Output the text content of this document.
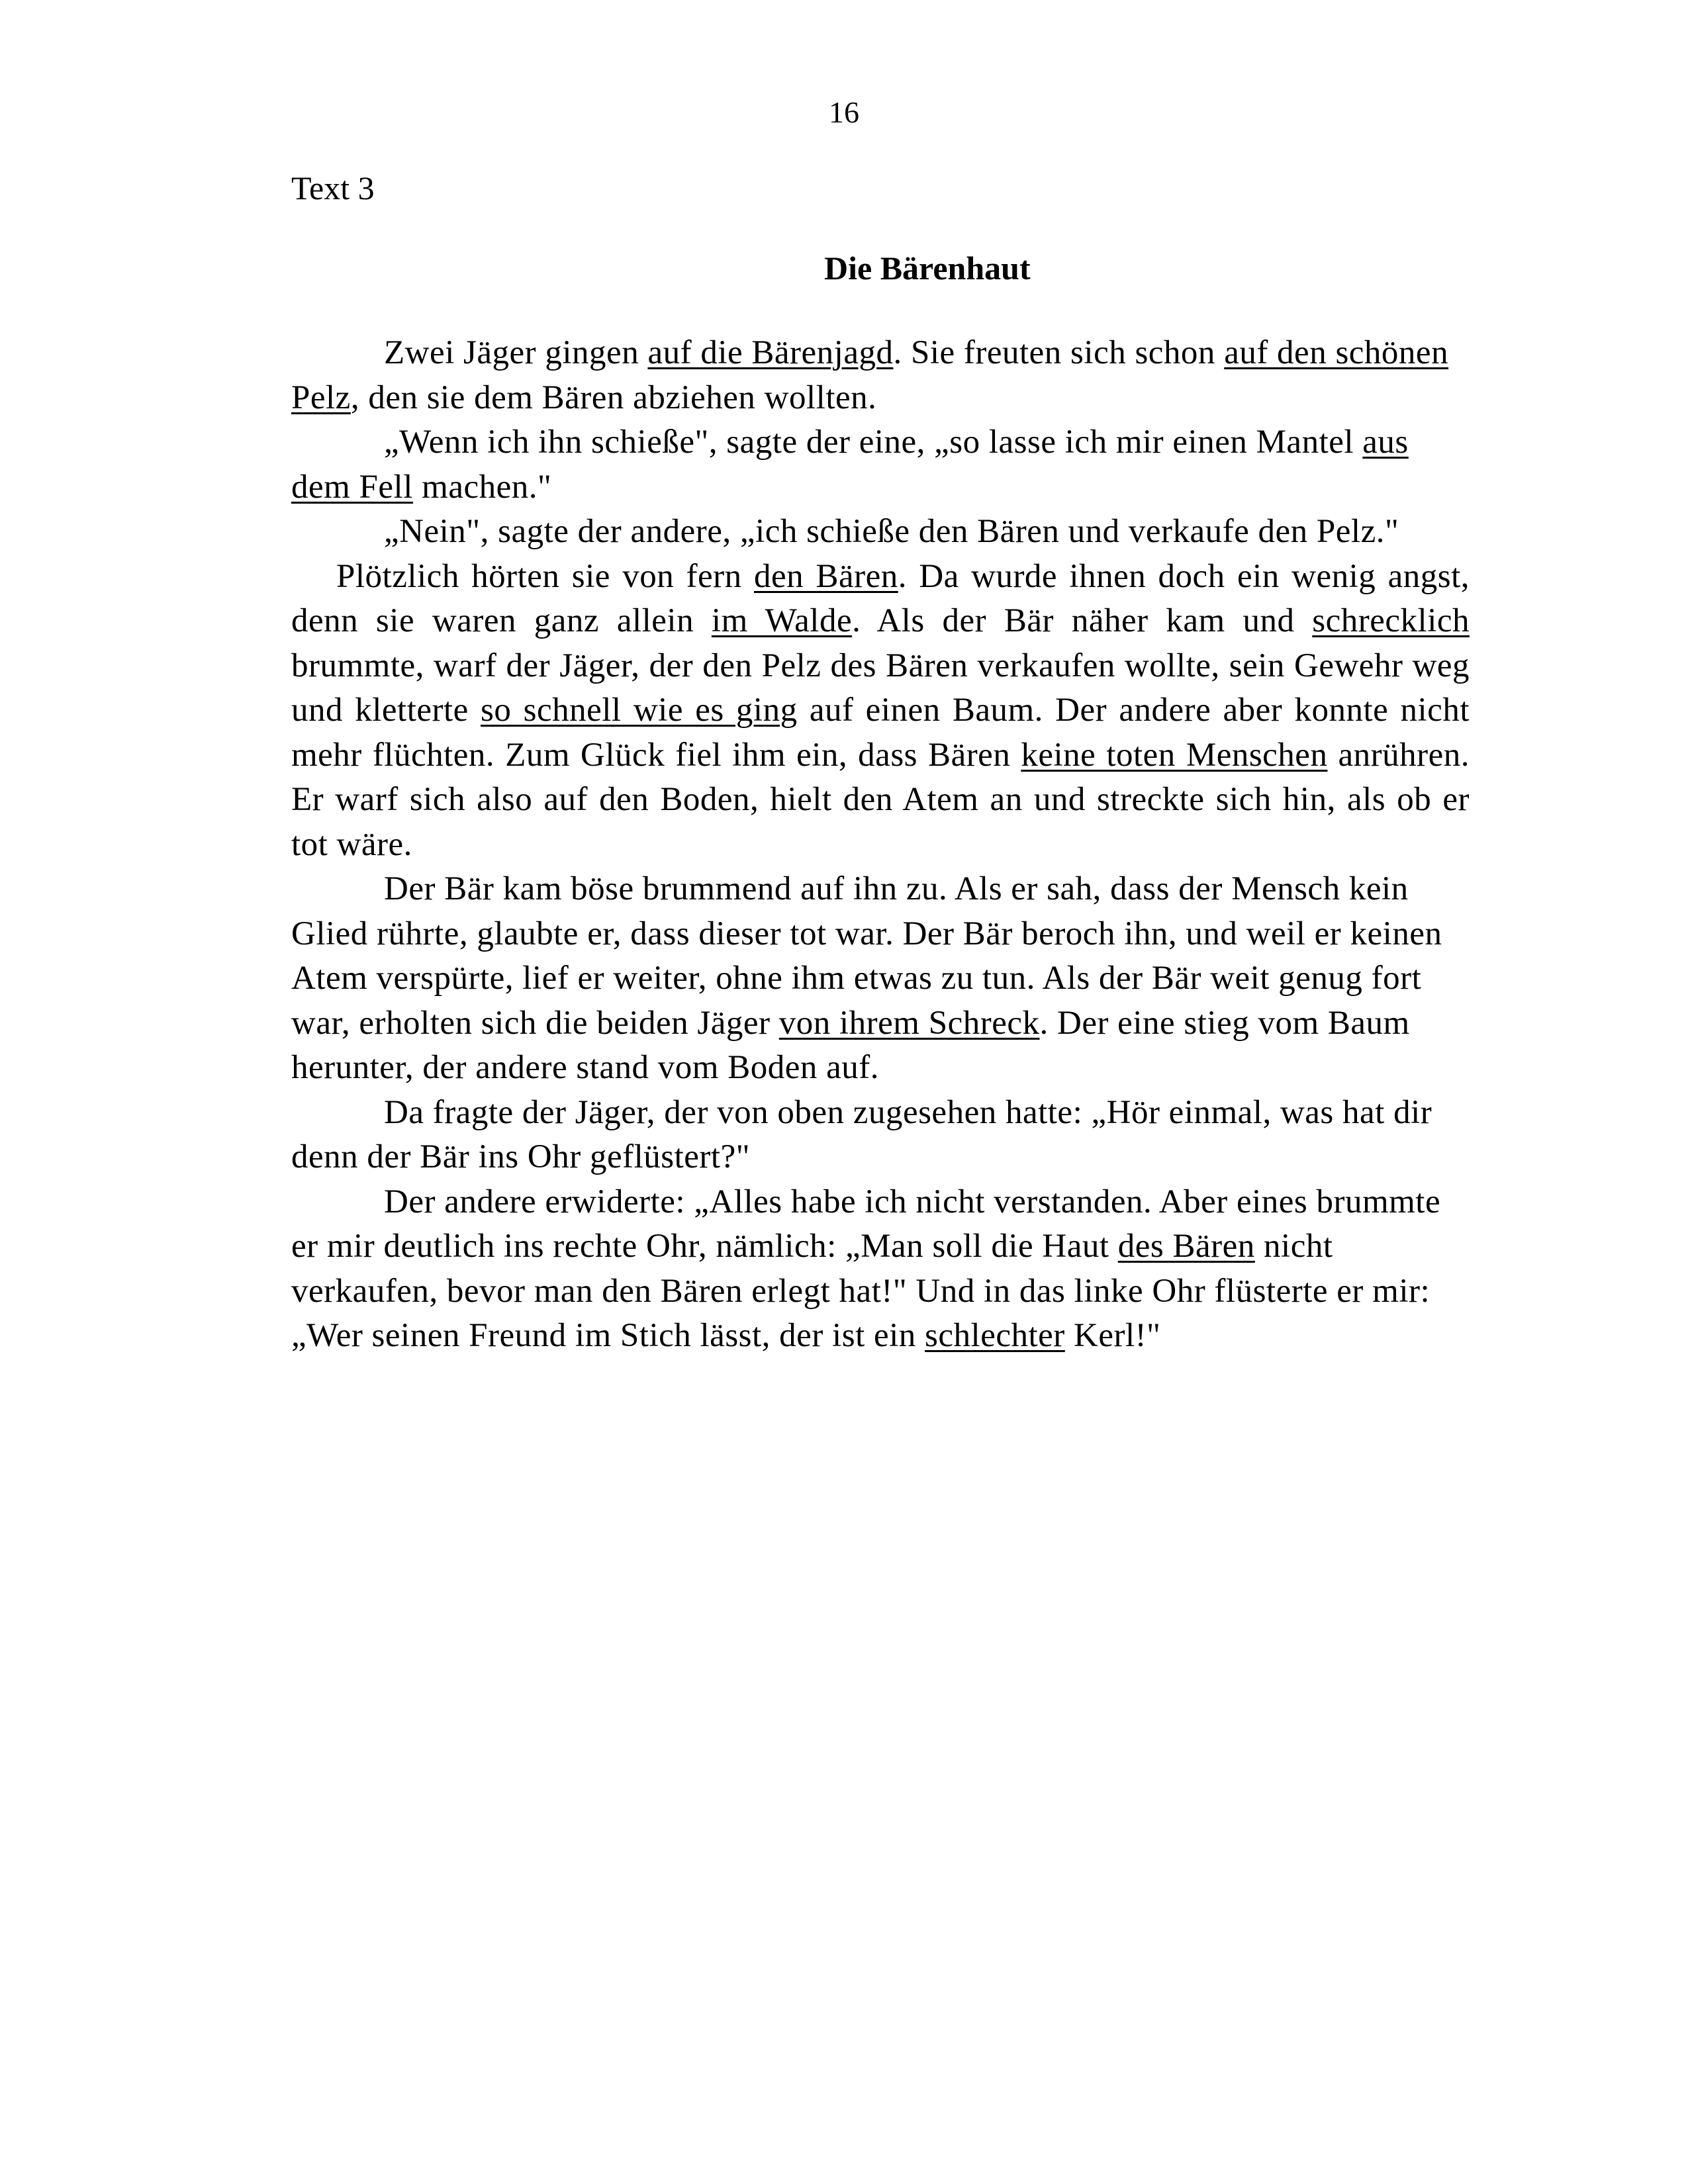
16
Text 3
Die Bärenhaut

Zwei Jäger gingen auf die Bärenjagd. Sie freuten sich schon auf den schönen Pelz, den sie dem Bären abziehen wollten.

„Wenn ich ihn schieße", sagte der eine, „so lasse ich mir einen Mantel aus dem Fell machen."

„Nein", sagte der andere, „ich schieße den Bären und verkaufe den Pelz."

Plötzlich hörten sie von fern den Bären. Da wurde ihnen doch ein wenig angst, denn sie waren ganz allein im Walde. Als der Bär näher kam und schrecklich brummte, warf der Jäger, der den Pelz des Bären verkaufen wollte, sein Gewehr weg und kletterte so schnell wie es ging auf einen Baum. Der andere aber konnte nicht mehr flüchten. Zum Glück fiel ihm ein, dass Bären keine toten Menschen anrühren. Er warf sich also auf den Boden, hielt den Atem an und streckte sich hin, als ob er tot wäre.

Der Bär kam böse brummend auf ihn zu. Als er sah, dass der Mensch kein Glied rührte, glaubte er, dass dieser tot war. Der Bär beroch ihn, und weil er keinen Atem verspürte, lief er weiter, ohne ihm etwas zu tun. Als der Bär weit genug fort war, erholten sich die beiden Jäger von ihrem Schreck. Der eine stieg vom Baum herunter, der andere stand vom Boden auf.

Da fragte der Jäger, der von oben zugesehen hatte: „Hör einmal, was hat dir denn der Bär ins Ohr geflüstert?"

Der andere erwiderte: „Alles habe ich nicht verstanden. Aber eines brummte er mir deutlich ins rechte Ohr, nämlich: „Man soll die Haut des Bären nicht verkaufen, bevor man den Bären erlegt hat!" Und in das linke Ohr flüsterte er mir: „Wer seinen Freund im Stich lässt, der ist ein schlechter Kerl!"
